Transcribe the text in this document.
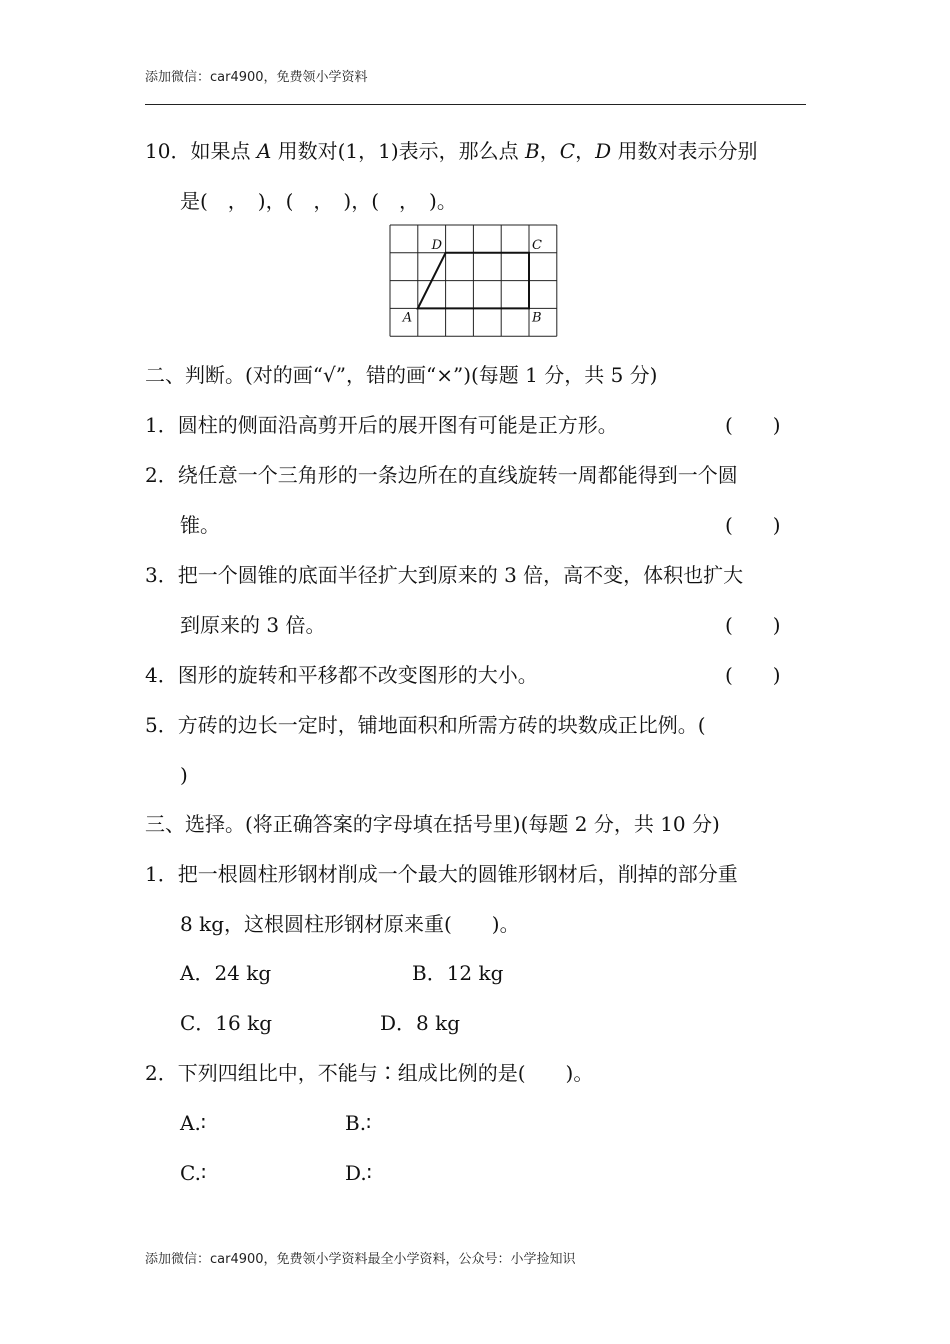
添加微信：car4900，免费领小学资料
10．如果点 A 用数对(1，1)表示，那么点 B，C，D 用数对表示分别
是(　，　)，(　，　)，(　，　)。
A	B
C
D
二、判断。(对的画“√”，错的画“×”)(每题 1 分，共 5 分)
1．圆柱的侧面沿高剪开后的展开图有可能是正方形。	(　　)
2．绕任意一个三角形的一条边所在的直线旋转一周都能得到一个圆
锥。	(　　)
3．把一个圆锥的底面半径扩大到原来的 3 倍，高不变，体积也扩大
到原来的 3 倍。	(　　)
4．图形的旋转和平移都不改变图形的大小。	(　　)
5．方砖的边长一定时，铺地面积和所需方砖的块数成正比例。(
)
三、选择。(将正确答案的字母填在括号里)(每题 2 分，共 10 分)
1．把一根圆柱形钢材削成一个最大的圆锥形钢材后，削掉的部分重
8 kg，这根圆柱形钢材原来重(　　)。
A．24 kg	B．12 kg
C．16 kg	D．8 kg
2．下列四组比中，不能与∶组成比例的是(　　)。
A.∶	B.∶
C.∶	D.∶
添加微信：car4900，免费领小学资料最全小学资料，公众号：小学捡知识
